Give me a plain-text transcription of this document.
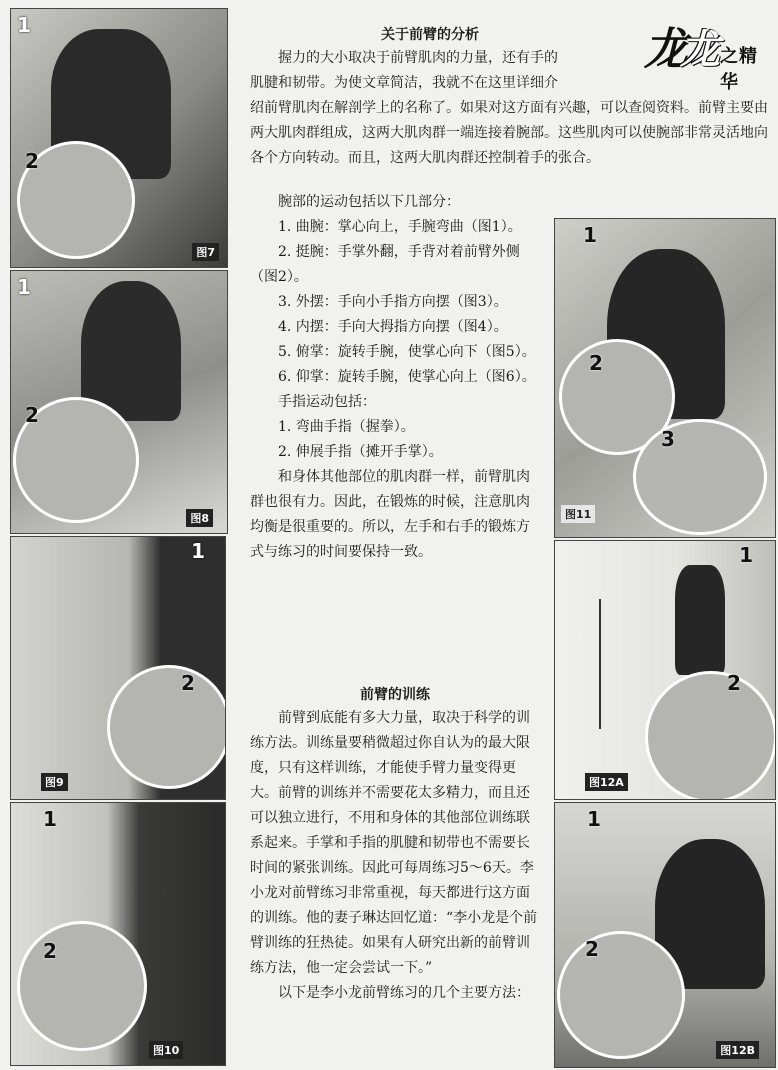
龙
龙 之精华
关于前臂的分析

握力的大小取决于前臂肌肉的力量，还有手的

肌腱和韧带。为使文章简洁，我就不在这里详细介

绍前臂肌肉在解剖学上的名称了。如果对这方面有兴趣，可以查阅资料。前臂主要由两大肌肉群组成，这两大肌肉群一端连接着腕部。这些肌肉可以使腕部非常灵活地向各个方向转动。而且，这两大肌肉群还控制着手的张合。

腕部的运动包括以下几部分：

1. 曲腕：掌心向上，手腕弯曲（图1）。

2. 挺腕：手掌外翻，手背对着前臂外侧（图2）。

3. 外摆：手向小手指方向摆（图3）。

4. 内摆：手向大拇指方向摆（图4）。

5. 俯掌：旋转手腕，使掌心向下（图5）。

6. 仰掌：旋转手腕，使掌心向上（图6）。

手指运动包括：

1. 弯曲手指（握拳）。

2. 伸展手指（摊开手掌）。

和身体其他部位的肌肉群一样，前臂肌肉群也很有力。因此，在锻炼的时候，注意肌肉均衡是很重要的。所以，左手和右手的锻炼方式与练习的时间要保持一致。

前臂的训练

前臂到底能有多大力量，取决于科学的训练方法。训练量要稍微超过你自认为的最大限度，只有这样训练，才能使手臂力量变得更大。前臂的训练并不需要花太多精力，而且还可以独立进行，不用和身体的其他部位训练联系起来。手掌和手指的肌腱和韧带也不需要长时间的紧张训练。因此可每周练习5～6天。李小龙对前臂练习非常重视，每天都进行这方面的训练。他的妻子琳达回忆道：“李小龙是个前臂训练的狂热徒。如果有人研究出新的前臂训练方法，他一定会尝试一下。”

以下是李小龙前臂练习的几个主要方法：

1
2
图7
1
2
图8
1
2
图9
1
2
图10
1
2
3
图11
1
2
图12A
1
2
图12B
